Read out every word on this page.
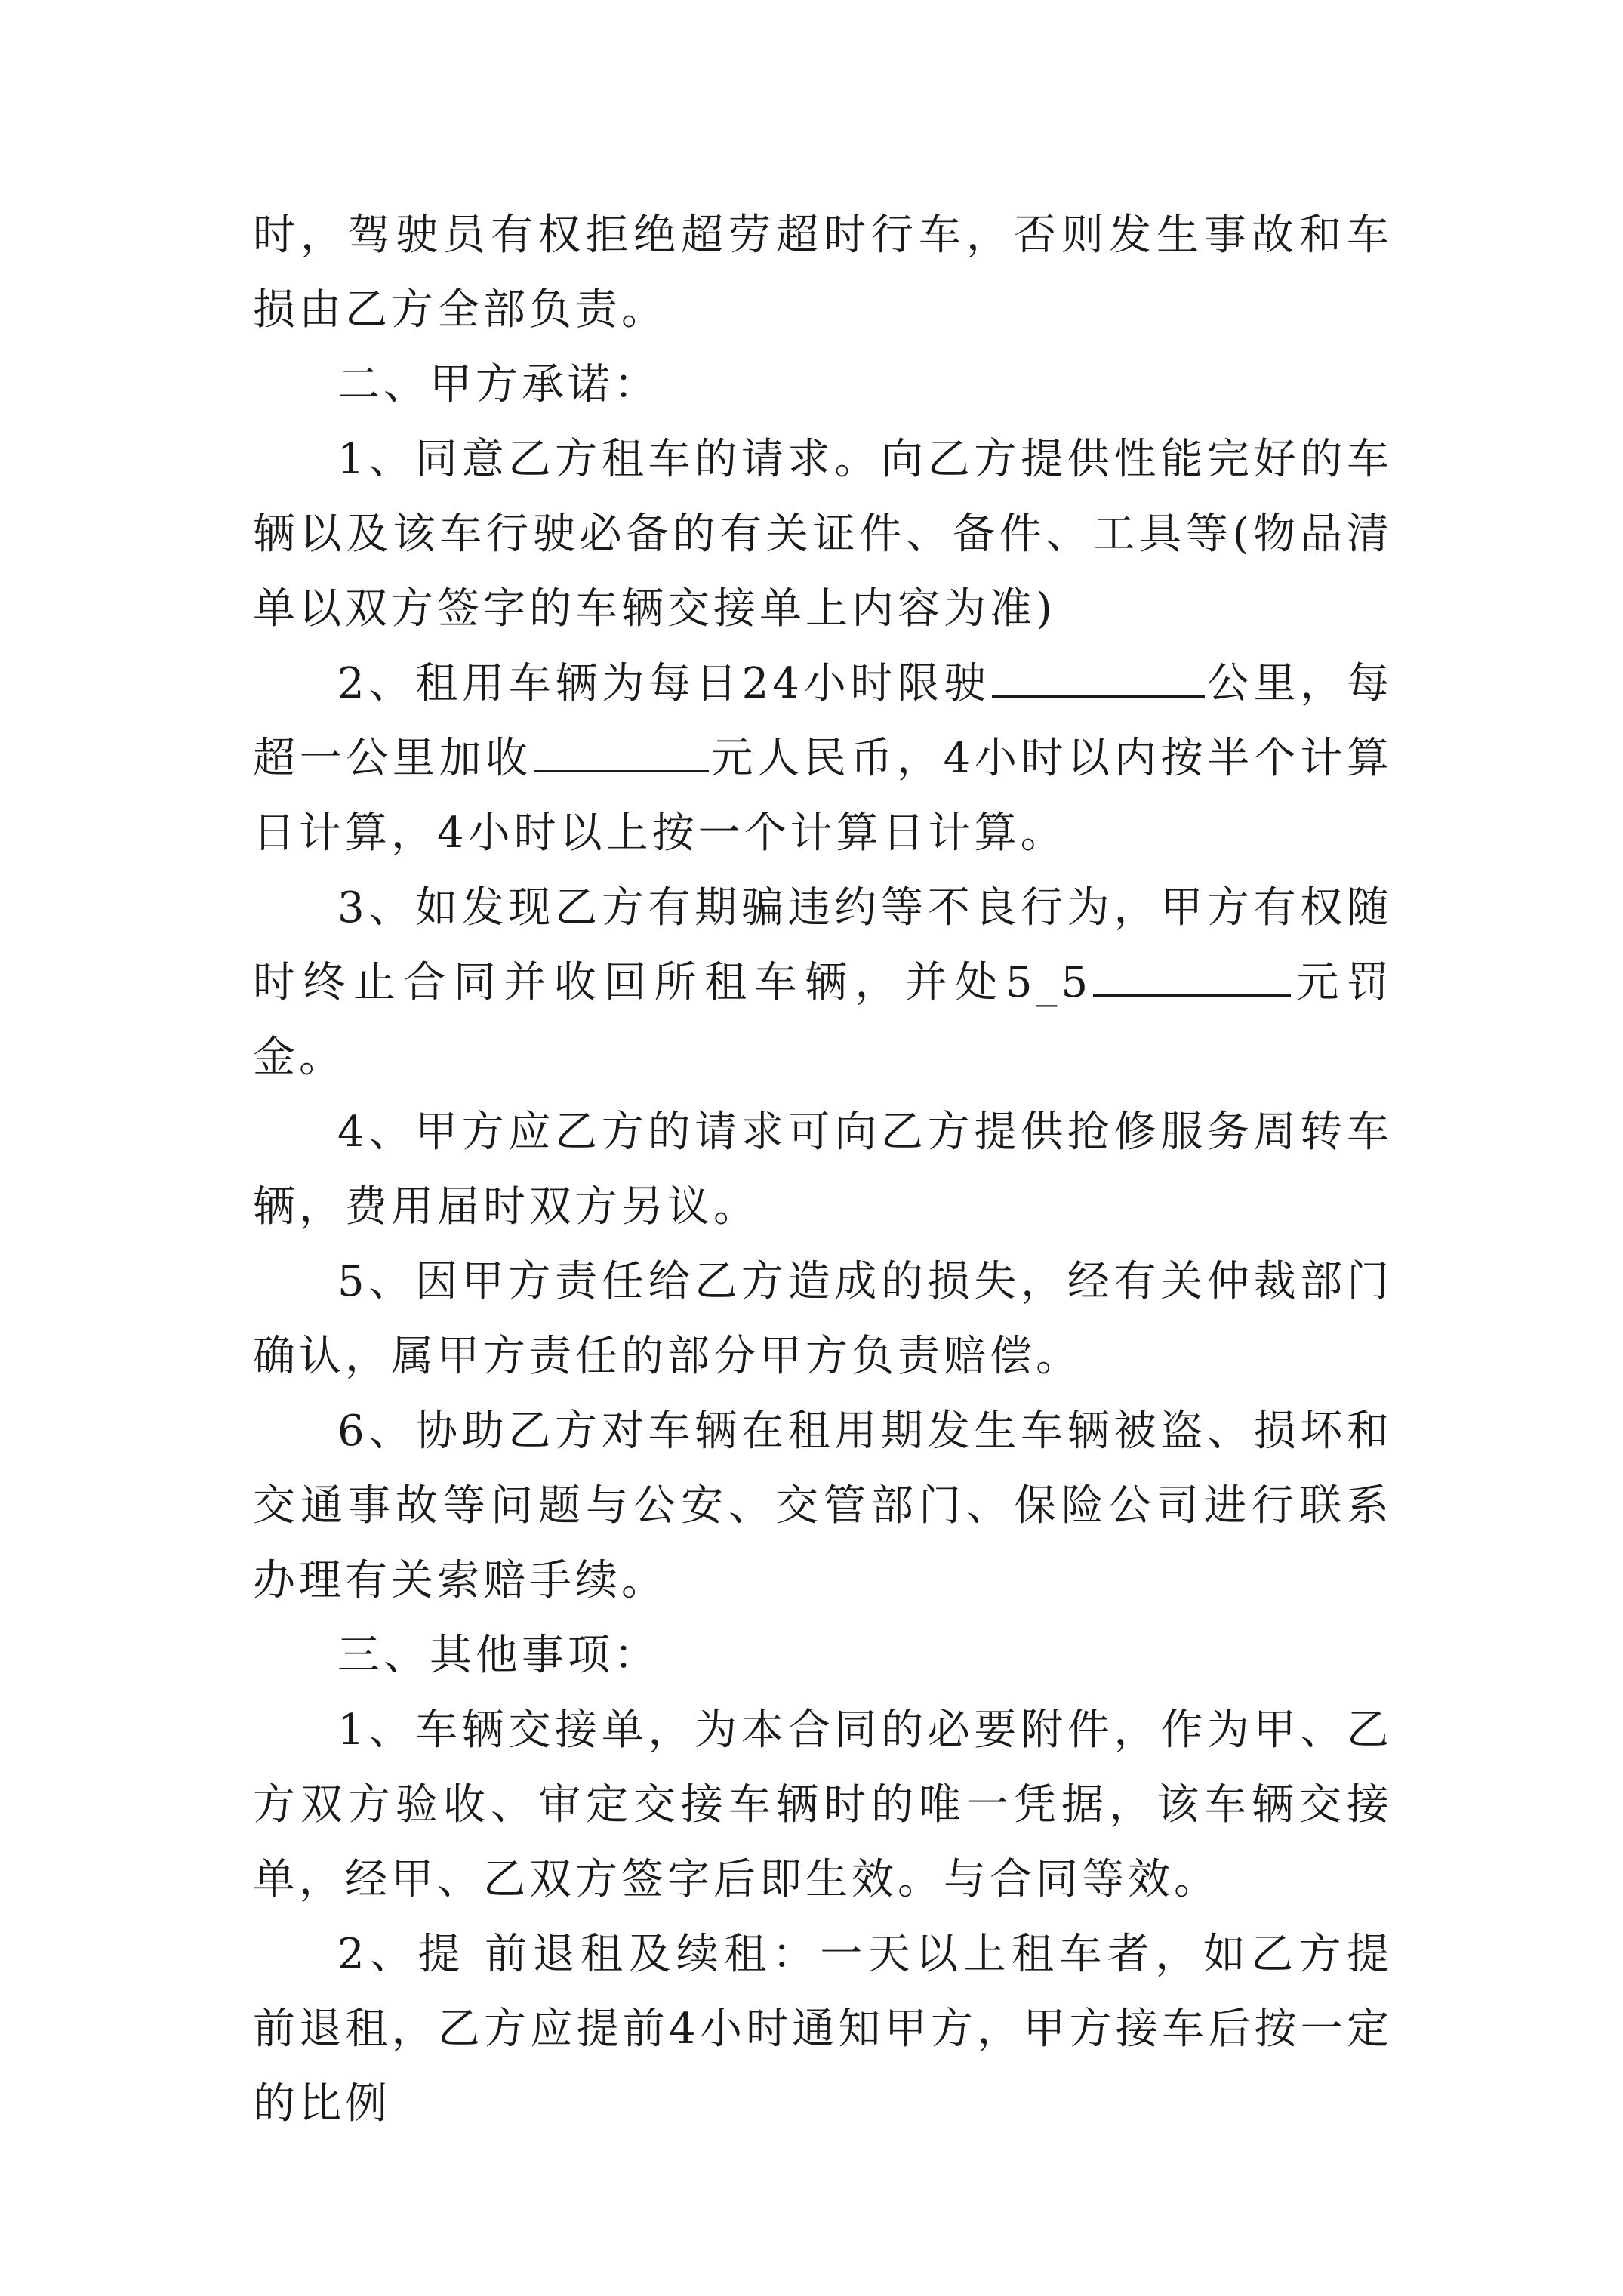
时，驾驶员有权拒绝超劳超时行车，否则发生事故和车损由乙方全部负责。

二、甲方承诺：

1、同意乙方租车的请求。向乙方提供性能完好的车辆以及该车行驶必备的有关证件、备件、工具等(物品清单以双方签字的车辆交接单上内容为准)

2、租用车辆为每日24小时限驶	公里，每超一公里加收	元人民币，4小时以内按半个计算日计算，4小时以上按一个计算日计算。

3、如发现乙方有期骗违约等不良行为，甲方有权随时终止合同并收回所租车辆，并处5_5	元罚金。

4、甲方应乙方的请求可向乙方提供抢修服务周转车辆，费用届时双方另议。

5、因甲方责任给乙方造成的损失，经有关仲裁部门确认，属甲方责任的部分甲方负责赔偿。

6、协助乙方对车辆在租用期发生车辆被盗、损坏和交通事故等问题与公安、交管部门、保险公司进行联系办理有关索赔手续。

三、其他事项：

1、车辆交接单，为本合同的必要附件，作为甲、乙方双方验收、审定交接车辆时的唯一凭据，该车辆交接单，经甲、乙双方签字后即生效。与合同等效。

2、提 前退租及续租：一天以上租车者，如乙方提前退租，乙方应提前4小时通知甲方，甲方接车后按一定的比例
